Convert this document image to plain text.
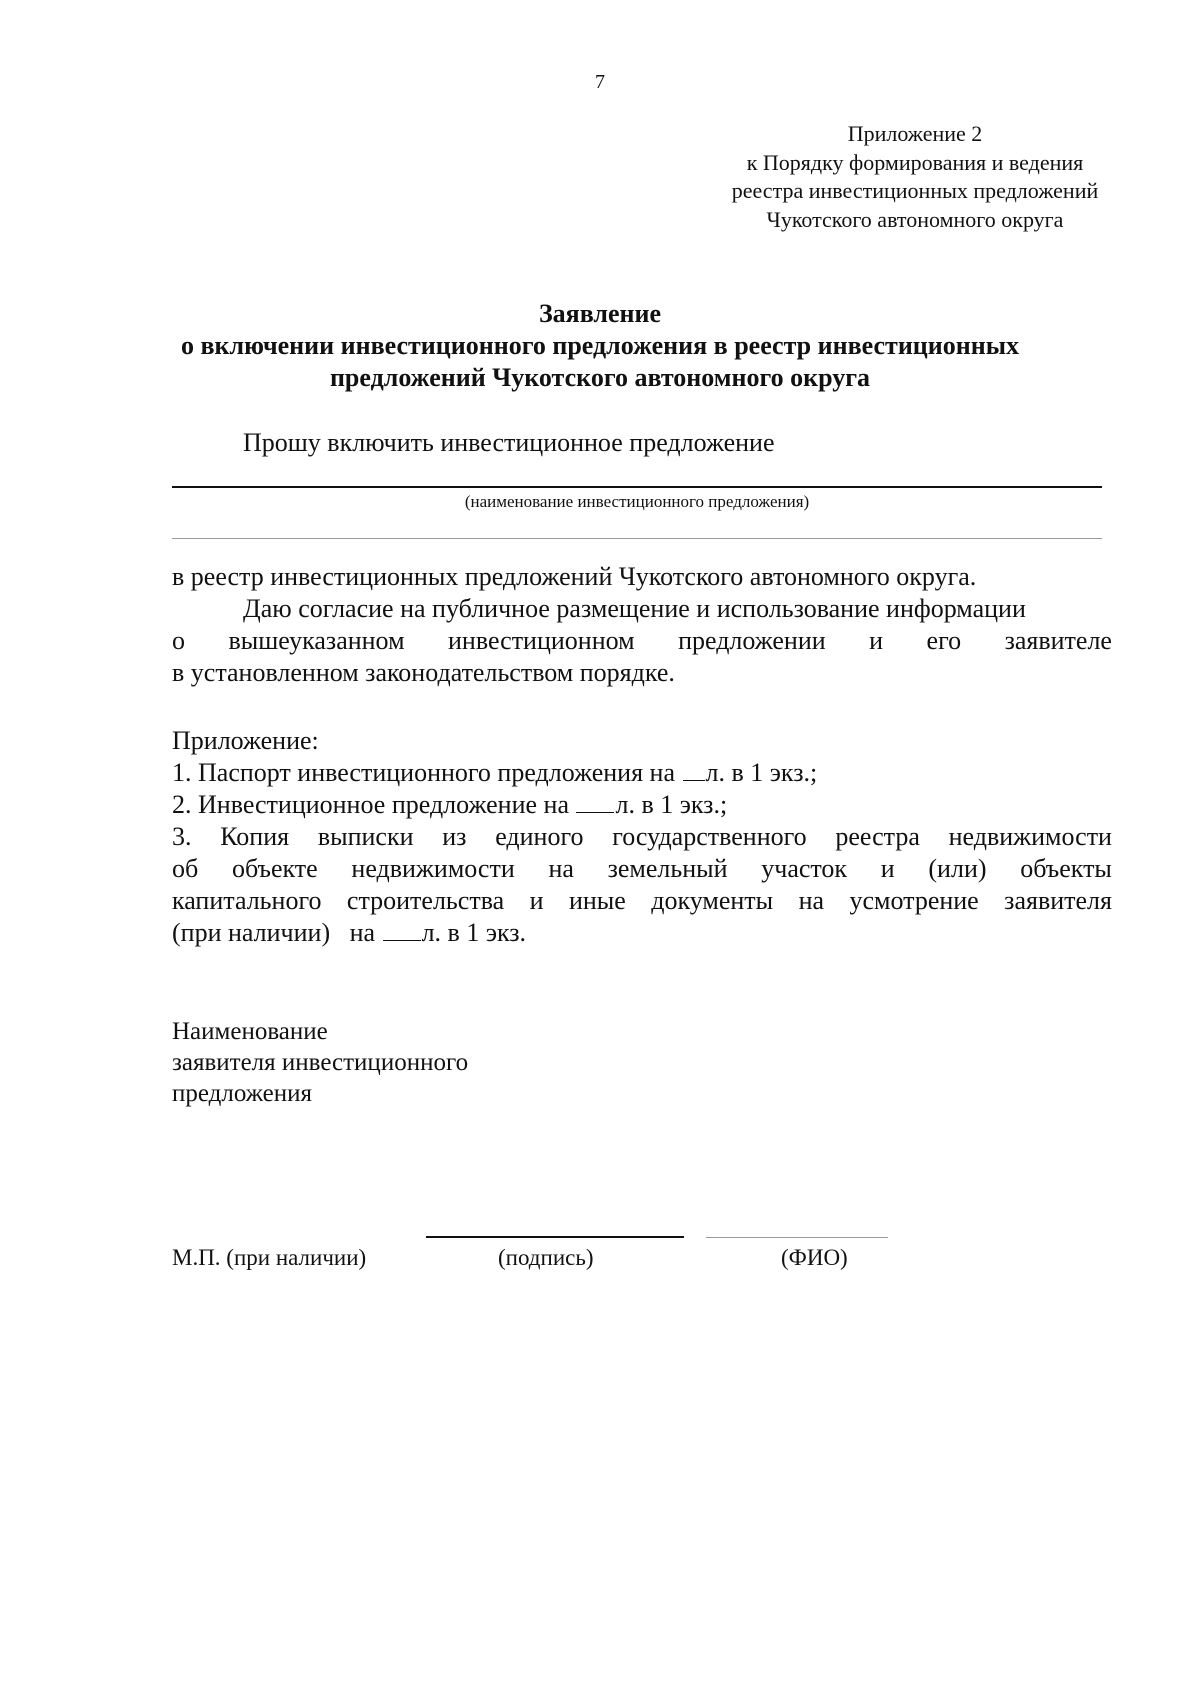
7
Приложение 2
к Порядку формирования и ведения
реестра инвестиционных предложений
Чукотского автономного округа
Заявление
о включении инвестиционного предложения в реестр инвестиционных
предложений Чукотского автономного округа

Прошу включить инвестиционное предложение

(наименование инвестиционного предложения)

в реестр инвестиционных предложений Чукотского автономного округа.

Даю согласие на публичное размещение и использование информации
о вышеуказанном инвестиционном предложении и его заявителе
в установленном законодательством порядке.
Приложение:
1. Паспорт инвестиционного предложения на л. в 1 экз.;
2. Инвестиционное предложение на л. в 1 экз.;
3. Копия выписки из единого государственного реестра недвижимости
об объекте недвижимости на земельный участок и (или) объекты
капитального строительства и иные документы на усмотрение заявителя
(при наличии)   на л. в 1 экз.
Наименование
заявителя инвестиционного
предложения
М.П. (при наличии)	(подпись)	(ФИО)
